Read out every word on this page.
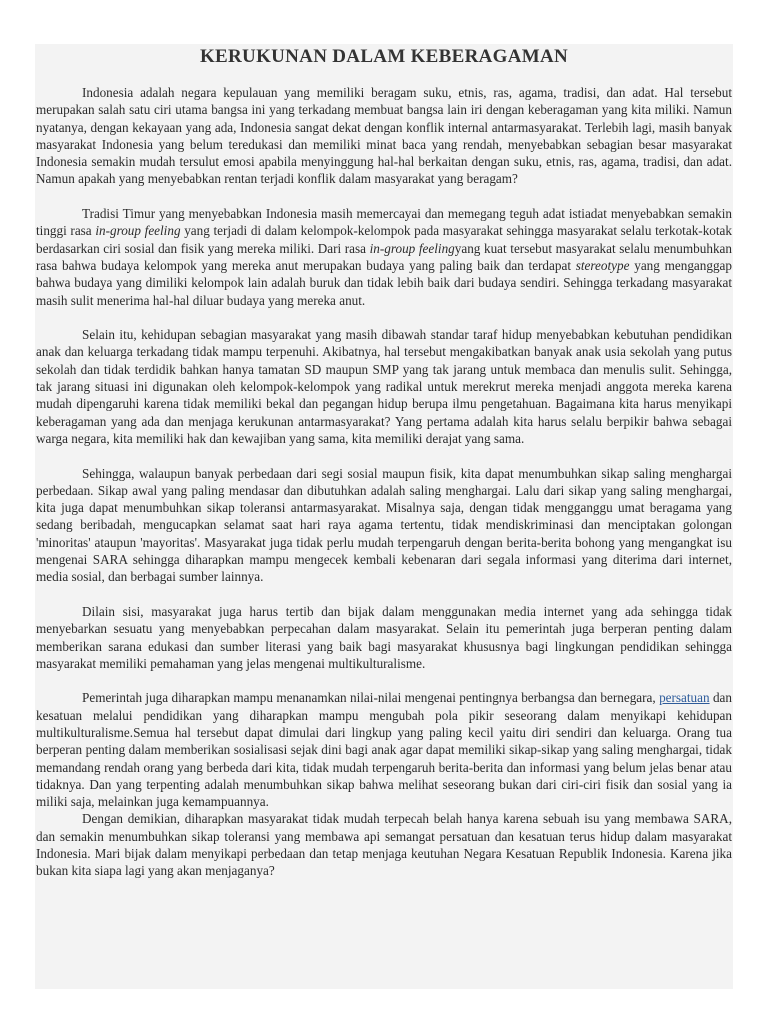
KERUKUNAN DALAM KEBERAGAMAN

Indonesia adalah negara kepulauan yang memiliki beragam suku, etnis, ras, agama, tradisi, dan adat. Hal tersebut merupakan salah satu ciri utama bangsa ini yang terkadang membuat bangsa lain iri dengan keberagaman yang kita miliki. Namun nyatanya, dengan kekayaan yang ada, Indonesia sangat dekat dengan konflik internal antarmasyarakat. Terlebih lagi, masih banyak masyarakat Indonesia yang belum teredukasi dan memiliki minat baca yang rendah, menyebabkan sebagian besar masyarakat Indonesia semakin mudah tersulut emosi apabila menyinggung hal-hal berkaitan dengan suku, etnis, ras, agama, tradisi, dan adat. Namun apakah yang menyebabkan rentan terjadi konflik dalam masyarakat yang beragam?

Tradisi Timur yang menyebabkan Indonesia masih memercayai dan memegang teguh adat istiadat menyebabkan semakin tinggi rasa in-group feeling yang terjadi di dalam kelompok-kelompok pada masyarakat sehingga masyarakat selalu terkotak-kotak berdasarkan ciri sosial dan fisik yang mereka miliki. Dari rasa in-group feelingyang kuat tersebut masyarakat selalu menumbuhkan rasa bahwa budaya kelompok yang mereka anut merupakan budaya yang paling baik dan terdapat stereotype yang menganggap bahwa budaya yang dimiliki kelompok lain adalah buruk dan tidak lebih baik dari budaya sendiri. Sehingga terkadang masyarakat masih sulit menerima hal-hal diluar budaya yang mereka anut.

Selain itu, kehidupan sebagian masyarakat yang masih dibawah standar taraf hidup menyebabkan kebutuhan pendidikan anak dan keluarga terkadang tidak mampu terpenuhi. Akibatnya, hal tersebut mengakibatkan banyak anak usia sekolah yang putus sekolah dan tidak terdidik bahkan hanya tamatan SD maupun SMP yang tak jarang untuk membaca dan menulis sulit. Sehingga, tak jarang situasi ini digunakan oleh kelompok-kelompok yang radikal untuk merekrut mereka menjadi anggota mereka karena mudah dipengaruhi karena tidak memiliki bekal dan pegangan hidup berupa ilmu pengetahuan. Bagaimana kita harus menyikapi keberagaman yang ada dan menjaga kerukunan antarmasyarakat? Yang pertama adalah kita harus selalu berpikir bahwa sebagai warga negara, kita memiliki hak dan kewajiban yang sama, kita memiliki derajat yang sama.

Sehingga, walaupun banyak perbedaan dari segi sosial maupun fisik, kita dapat menumbuhkan sikap saling menghargai perbedaan. Sikap awal yang paling mendasar dan dibutuhkan adalah saling menghargai. Lalu dari sikap yang saling menghargai, kita juga dapat menumbuhkan sikap toleransi antarmasyarakat. Misalnya saja, dengan tidak mengganggu umat beragama yang sedang beribadah, mengucapkan selamat saat hari raya agama tertentu, tidak mendiskriminasi dan menciptakan golongan 'minoritas' ataupun 'mayoritas'. Masyarakat juga tidak perlu mudah terpengaruh dengan berita-berita bohong yang mengangkat isu mengenai SARA sehingga diharapkan mampu mengecek kembali kebenaran dari segala informasi yang diterima dari internet, media sosial, dan berbagai sumber lainnya.

Dilain sisi, masyarakat juga harus tertib dan bijak dalam menggunakan media internet yang ada sehingga tidak menyebarkan sesuatu yang menyebabkan perpecahan dalam masyarakat. Selain itu pemerintah juga berperan penting dalam memberikan sarana edukasi dan sumber literasi yang baik bagi masyarakat khususnya bagi lingkungan pendidikan sehingga masyarakat memiliki pemahaman yang jelas mengenai multikulturalisme.

Pemerintah juga diharapkan mampu menanamkan nilai-nilai mengenai pentingnya berbangsa dan bernegara, persatuan dan kesatuan melalui pendidikan yang diharapkan mampu mengubah pola pikir seseorang dalam menyikapi kehidupan multikulturalisme.Semua hal tersebut dapat dimulai dari lingkup yang paling kecil yaitu diri sendiri dan keluarga. Orang tua berperan penting dalam memberikan sosialisasi sejak dini bagi anak agar dapat memiliki sikap-sikap yang saling menghargai, tidak memandang rendah orang yang berbeda dari kita, tidak mudah terpengaruh berita-berita dan informasi yang belum jelas benar atau tidaknya. Dan yang terpenting adalah menumbuhkan sikap bahwa melihat seseorang bukan dari ciri-ciri fisik dan sosial yang ia miliki saja, melainkan juga kemampuannya.

Dengan demikian, diharapkan masyarakat tidak mudah terpecah belah hanya karena sebuah isu yang membawa SARA, dan semakin menumbuhkan sikap toleransi yang membawa api semangat persatuan dan kesatuan terus hidup dalam masyarakat Indonesia. Mari bijak dalam menyikapi perbedaan dan tetap menjaga keutuhan Negara Kesatuan Republik Indonesia. Karena jika bukan kita siapa lagi yang akan menjaganya?
